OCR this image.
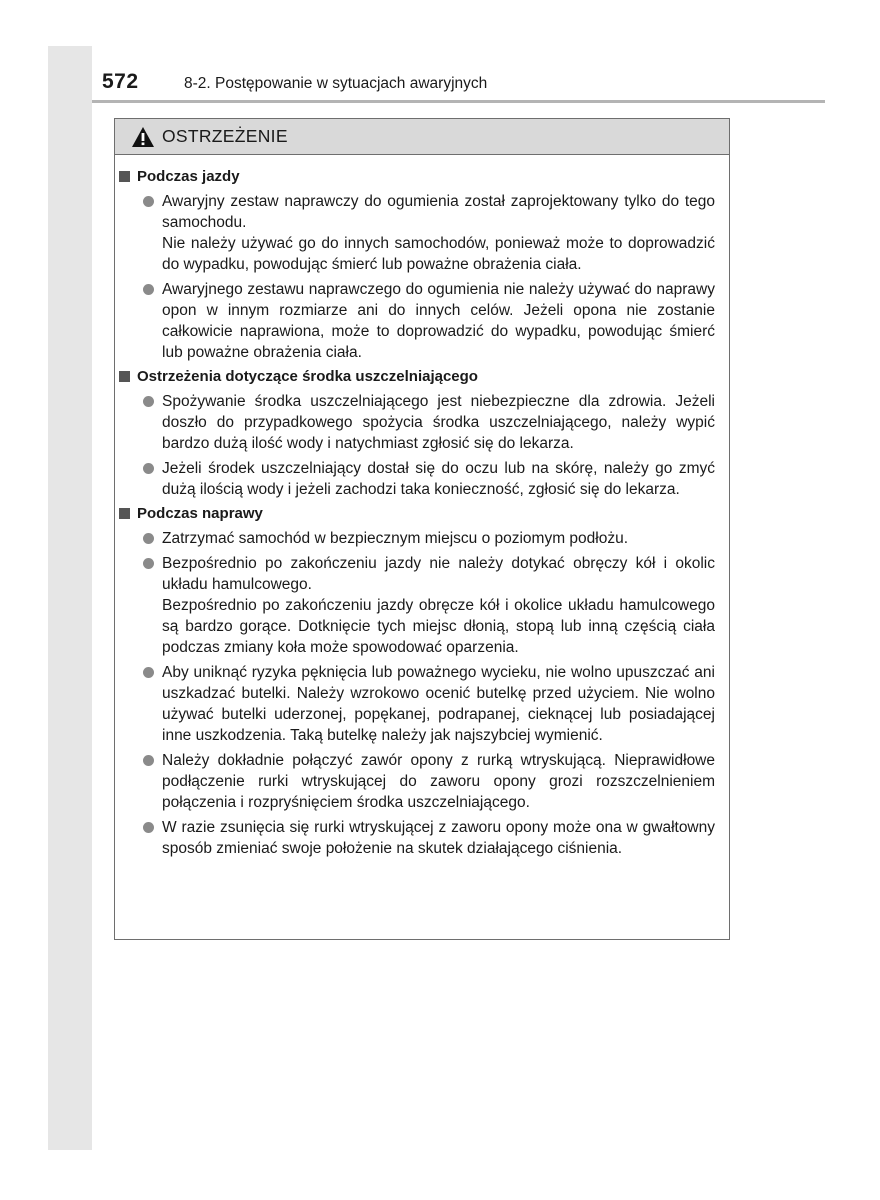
572	8-2. Postępowanie w sytuacjach awaryjnych
OSTRZEŻENIE
Podczas jazdy
Awaryjny zestaw naprawczy do ogumienia został zaprojektowany tylko do tego samochodu.
Nie należy używać go do innych samochodów, ponieważ może to doprowadzić do wypadku, powodując śmierć lub poważne obrażenia ciała.
Awaryjnego zestawu naprawczego do ogumienia nie należy używać do naprawy opon w innym rozmiarze ani do innych celów. Jeżeli opona nie zostanie całkowicie naprawiona, może to doprowadzić do wypadku, powodując śmierć lub poważne obrażenia ciała.
Ostrzeżenia dotyczące środka uszczelniającego
Spożywanie środka uszczelniającego jest niebezpieczne dla zdrowia. Jeżeli doszło do przypadkowego spożycia środka uszczelniającego, należy wypić bardzo dużą ilość wody i natychmiast zgłosić się do lekarza.
Jeżeli środek uszczelniający dostał się do oczu lub na skórę, należy go zmyć dużą ilością wody i jeżeli zachodzi taka konieczność, zgłosić się do lekarza.
Podczas naprawy
Zatrzymać samochód w bezpiecznym miejscu o poziomym podłożu.
Bezpośrednio po zakończeniu jazdy nie należy dotykać obręczy kół i okolic układu hamulcowego.
Bezpośrednio po zakończeniu jazdy obręcze kół i okolice układu hamulcowego są bardzo gorące. Dotknięcie tych miejsc dłonią, stopą lub inną częścią ciała podczas zmiany koła może spowodować oparzenia.
Aby uniknąć ryzyka pęknięcia lub poważnego wycieku, nie wolno upuszczać ani uszkadzać butelki. Należy wzrokowo ocenić butelkę przed użyciem. Nie wolno używać butelki uderzonej, popękanej, podrapanej, cieknącej lub posiadającej inne uszkodzenia. Taką butelkę należy jak najszybciej wymienić.
Należy dokładnie połączyć zawór opony z rurką wtryskującą. Nieprawidłowe podłączenie rurki wtryskującej do zaworu opony grozi rozszczelnieniem połączenia i rozpryśnięciem środka uszczelniającego.
W razie zsunięcia się rurki wtryskującej z zaworu opony może ona w gwałtowny sposób zmieniać swoje położenie na skutek działającego ciśnienia.
